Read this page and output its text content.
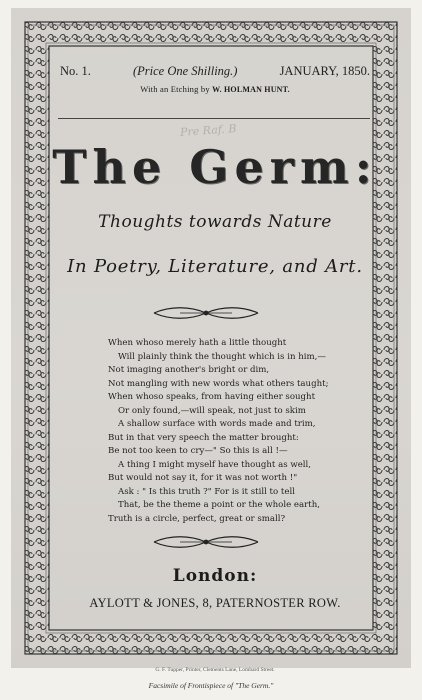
No. 1.	(Price One Shilling.)	JANUARY, 1850.
With an Etching by W. HOLMAN HUNT.
Pre Raf. B
The Germ:
Thoughts towards Nature
In Poetry, Literature, and Art.
When whoso merely hath a little thought
Will plainly think the thought which is in him,—
Not imaging another's bright or dim,
Not mangling with new words what others taught;
When whoso speaks, from having either sought
Or only found,—will speak, not just to skim
A shallow surface with words made and trim,
But in that very speech the matter brought:
Be not too keen to cry—" So this is all !—
A thing I might myself have thought as well,
But would not say it, for it was not worth !"
Ask : " Is this truth ?" For is it still to tell
That, be the theme a point or the whole earth,
Truth is a circle, perfect, great or small?
London:
AYLOTT & JONES, 8, PATERNOSTER ROW.
G. F. Tupper, Printer, Clements Lane, Lombard Street.
Facsimile of Frontispiece of "The Germ."
